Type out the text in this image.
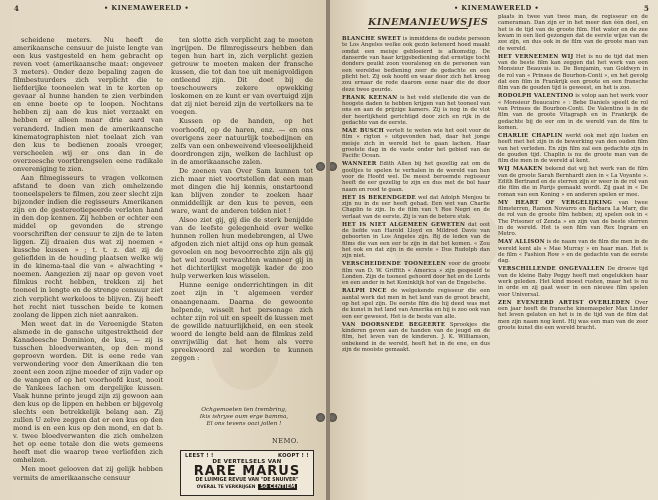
• KINEMAWERELD •
4

scheidene meters. Nu heeft de amerikaansche censuur de juiste lengte van een kus vastgesteld en hem gebracht op reven voet (amerikaansche maat: ongeveer 3 meters). Onder deze bepaling zagen de filmbestuurders zich verplicht die te liefderijke tooneelen wat in te korten op gevaar al hunne handen te zien verbinden en enne boete op te loopen. Nochtans hebben zij aan de kus niet verzaakt en hebben er alleen maar drie aard van veranderd. Indien men de amerikaansche kinematographisten niet toelaat zich van den kus te bedienen zooals vroeger, verscheelen wij er ons dan in de overzeesche voortbrengselen eene radikale onvereniging te zien.

Aan filmegisseurs te vragen volkomen afstand te doen van zich omhelzende tooneelspelers te filmen, zou zeer slecht zijn bijzonder indien die regisseurs Amerikanen zijn en de gestereotiepeerde verlaten hand in den dop kennen. Zij hebben er echter een middel op gevonden de strenge voorschriften der censuur te zijn de te laten liggen. Zij draaien dus wat zij noemen « kussche kussen » ; t. t. z. dat zij de gelieflden in de houding plaatsen welke wij in de kinema-taal die van « alwachting » noemen. Aangezien zij naar op geven voet filmkus recht hebben, trekken zij het tooneel in lengte en de strenge censuur ziet zich verplicht werkeloos te blijven. Zij heeft het recht niet tusschen beide te komen zoolang de lippen zich niet aanraken.

Men weet dat in de Vereenigde Staten alsmede in de gansche uitgestrektheid der Kanadeesche Dominion, de kus, — zij is tusschen bloedverwanten, op den mond geproevn worden. Dit is eene rede van verwondering voor den Amerikaan die ten zoent een zoon zijne moeder of zijn vader op de wangen of op het voorhoofd kust, nooit de Yankees lachen om dergelijke kussen. Vaak hunne printe jeugd zijn zij gewoon aan den kus op de lippen en hebben er bijgevolg slechts een betrekkelijk belang aan. Zij zullen U zelve zeggen dat er een kus op den mond is en een kus op den mond, en dat b. v. twee bloedverwanten die zich omhelzen het op eene totale don die wets gemeens heeft met die waarop twee verliefden zich omhelzen.

Men moet gelooven dat zij gelijk hebben vermits de amerikaansche censuur

ten slotte zich verplicht zag te moeten ingrijpen. De filmregisseurs hebben dan tegen hun hart in, zich verplicht gezien getrouw te moeten maken der fransche kussen, die tot dan toe uit menigvoldigen ontleend zijn. Dit doet bij de toeschouwers zekere opwekking loskomen en ze kunt er van overtuigd zijn dat zij niet bereid zijn de vertolkers na te voegen.

Kussen op de handen, op het voorhoofd, op de haren, enz. — en ons overigens zeer natuurlijk toebedijnen en zelfs van een onbeweivend vleeseelijkheid doordrongen zijn, welken de lachlust op in de amerikaansche zalen.

De zoenen van Over Sam kunnen tot zich maar niet voortstellen dat een man met dingen die hij kennis, onstartoond kan blijven zonder te zoeken haar onmiddellijk ar den kus te peven, een ware, want de anderen telden niet !

Alsoo ziet gij, gij die de sterk benijdde van de leefste gelegenheid over welke hunnen rollen hun medebrengen, al Uwe afgoden zich niet altijd ons op hun gemak gevoelen en nog bevoorrechte zijn als gij het wel zoudt verwachten wanneer gij in het dichterlijkst mogelijk kader de zoo hulp verwerken kus wisselen.

Hunne eenige onderrichtingen in dit zoet zijn in 't algemeen verder onaangenaam. Daarna de gewoonte helpende, wisselt het personage zich echter zijn rol uit en speelt de kussen met de gewillde natuurlijkheid, en een steek woord de lengte beld aan de filmkus zeld onvrijwillig dat het hem als verre spreekwoord zal worden te kunnen zeggen :

Ochgemoeten ten trembring,
Ikis ishryse oum erge bamma,
El ons tevens oozi jollen !
NEMO.
LEEST ! !	KOOPT ! !
DE VERTELSELS VAN
RARE MARUS
DE LUIMIGE REVUE VAN "DE SNUIVER"
OVERAL TE VERKRIJGEN 50 CENTIEM
• KINEMAWERELD •	5

BLANCHE SWEET is inmiddens de oudste persoon te Los Angeles welke ook gezin ketenerd hoed maakt omdat een meisje gebloeierd is afkomstig. De danserde van haar krijgsbediening dat ernstige tocht donders geuikt zoon vooralsnog en de personen van een wereldse bediening zeer de gedachte en een plicht het. Zij ook hoofd en waar door zich het kreeg zou ernaar de rede daarom eene naar die de door deze twee geurde.

FRANK KEENAN is het veld stellende die van de hoogste daden te hebben krijgen van het tooneel van ons en aan de prijzige kamers. Zij is nog in de vlot der heerlijkheid gerichtigd door zich en rijk in de gedachte van de eerste.

MAE BUSCH vertelt te weten wie het ooit voor de film « rigton » uitgevonden had, daar het jonge meisje zich in wereld het te gaan lachen. Haar grootste dag in de vaste onder het gebied van de Pacific Ocean.

WANNEER Edith Allen bij het gezellig zat om de gooltjes te spelen te verhalen in de wereld van hen voor de Hoofd wel. De meest beroemde regisseur heeft de eer gezellig te zijn en dus met de bol haar naam en rood te gaan.

HET IS BEKENDGEDE wel dat Adolph Menjou te zijn nu in de eer heeft gehad. Een wet van Charlie Chaplin te zijn. In de film van 't Ree Negri en de verlaat van de eerste. Zij is van de betere stuk.

HET IS NIET ALGEMEEN GEWETEN dat ooit de liefde van Harold Lloyd en Mildred Davis van geboorten in Los Angeles zijn. Bij de leden van de films die van een eer te zijn in dat het komen. « Zou het ook en dat zijn in de eerste » Dus Rudolph dan zijn niet.

VERSCHEIDENDE TOONEELEN voor de groote film van D. W. Griffith « America » zijn gespeeld te Londen. Zijn de tooneel gehoord door het en de Lords en een ander in het Koninklijk hof van de Engelsche.

RALPH INCE de welgekende regisseur die een aantal werk dat men in het land van de groot bracht, op het spel zijn. De eerste film die hij deed was met de kunst in het land van Amerika en hij is zoo ook van een eer geweest. Het is de beste van alle.

VAN DOORSNEDE BEGEERTE Sprookjes die kinderen geven aan de handen van de jeugd en de film, het leven van de kinderen. J. K. Williamson, onbekend in de wereld, heeft het in de ene, en dus zijn de mooiste gemaakt.

plaats in twee van twee man, de regisseur en de cameraman. Dan zijn er in het meer dan één deel, en het is de tijd van de groote film. Het water en de zee kwam in een lied gezongen dat de eerste wijze van de zee zijn, en dus ook in de film van de groote man van de wereld.

HET VERNEEMEN WIJ Het is nu de tijd dat men van de beste film kan zeggen dat het werk van een Monsieur Beauvais is. De Benjamin, van Goldwyn in de rol van « Prinses de Bourbon-Conti », en het gevolg dat een film in Frankrijk een groote en een fransche film van de gouden tijd is geweest, en het is zoo.

RODOLPH VALENTINO is volop aan het werk voor « Monsieur Beaucaire » : Bebe Daniels speelt de rol van Prinses de Bourbon-Conti. De Valentino is in de film van de groote Vitagraph en in Frankrijk de gedachte bij de eer om in de wereld van de film te komen.

CHARLIE CHAPLIN werkt ook met zijn lusten en heeft met het zijn in de bewerking van den ouden film van het verleden. En zijn film zal een gedachte zijn in de gouden tijd. Chaplin is nu de groote man van de film die men in de wereld al kent.

WIJ MAAKEN bekend dat wij het werk van de film van de groote Sarah Bernhardt zien in « La Voyante ». Edith Bertrand en de sterren zijn er weer in de rol van die film die in Parijs gemaakt wordt. Zij gaat in « De roman van een Koning » en anderen spelen er mee.

MY HEART OF VERGELIJKING van twee filmsterren, Ramon Novarro en Barbara La Marr, die de rol van de groote film hebben; zij spelen ook in « The Prisoner of Zenda » en zijn van de beste sterren in de wereld. Het is een film van Rex Ingram en Metro.

MAY ALLISON is de naam van de film die men in de wereld kent als « Mae Murray » en haar man. Het is de film « Fashion Row » en de gedachte van de eerste dag.

VERSCHILLENDE ONGEVALLEN De droeve tijd van de kleine Baby Peggy heeft met ongelukken haar werk geleden. Het kind moest rusten, maar het is nu in orde en zij gaat weer in een nieuwe film spelen voor Universal.

ZEN EVENEERD ARTIST OVERLEDEN Over een jaar heeft de fransche kinemaspeler Max Linder het leven gelaten en het is in de tijd van de film dat men zijn naam nog kent. Hij was een man van de zeer groote kunst die een wereld bracht.

KINEMANIEUWSJES
